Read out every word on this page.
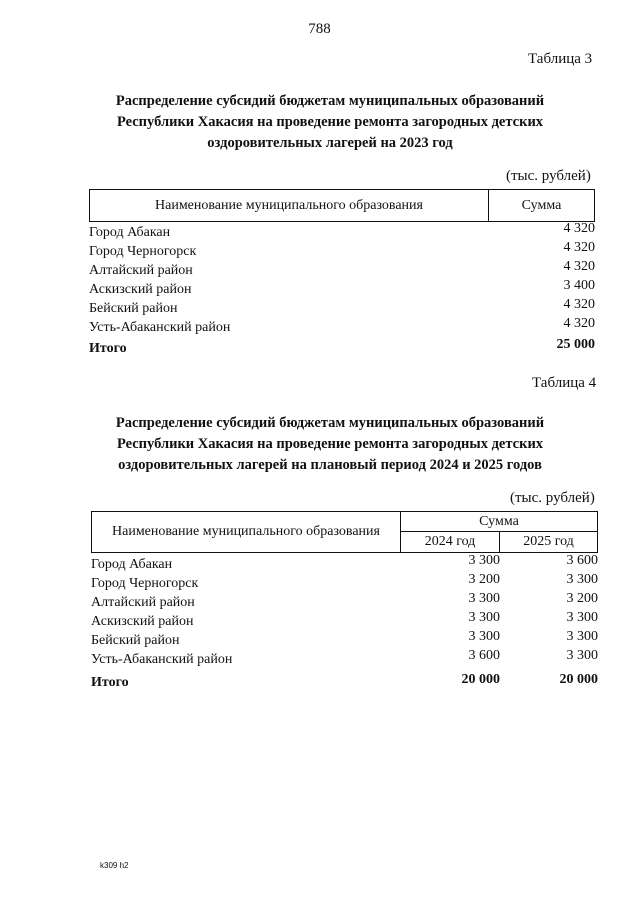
788
Таблица 3
Распределение субсидий бюджетам муниципальных образований
Республики Хакасия на проведение ремонта загородных детских
оздоровительных лагерей на 2023 год
(тыс. рублей)
Наименование муниципального образования	Сумма
Город Абакан	4 320
Город Черногорск	4 320
Алтайский район	4 320
Аскизский район	3 400
Бейский район	4 320
Усть-Абаканский район	4 320
Итого	25 000
Таблица 4
Распределение субсидий бюджетам муниципальных образований
Республики Хакасия на проведение ремонта загородных детских
оздоровительных лагерей на плановый период 2024 и 2025 годов
(тыс. рублей)
Наименование муниципального образования	Сумма	
	2024 год	2025 год
Город Абакан	3 300	3 600
Город Черногорск	3 200	3 300
Алтайский район	3 300	3 200
Аскизский район	3 300	3 300
Бейский район	3 300	3 300
Усть-Абаканский район	3 600	3 300
Итого	20 000	20 000
k309 h2
